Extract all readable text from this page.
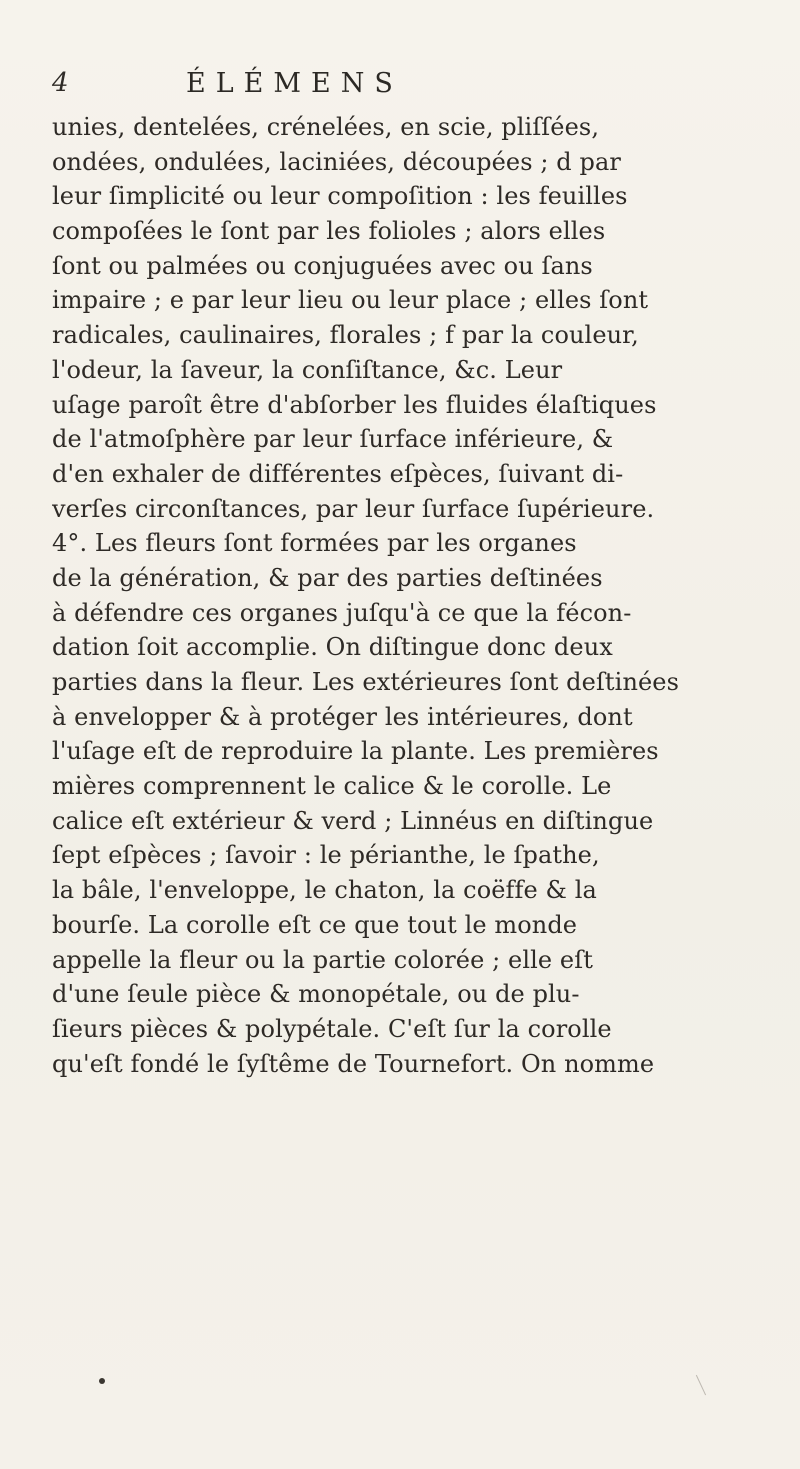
4	ÉLÉMENS
unies, dentelées, crénelées, en scie, pliſſées,
ondées, ondulées, laciniées, découpées ; d par
leur ſimplicité ou leur compoſition : les feuilles
compoſées le ſont par les folioles ; alors elles
ſont ou palmées ou conjuguées avec ou ſans
impaire ; e par leur lieu ou leur place ; elles ſont
radicales, caulinaires, florales ; f par la couleur,
l'odeur, la ſaveur, la conſiſtance, &c. Leur
uſage paroît être d'abſorber les fluides élaſtiques
de l'atmoſphère par leur ſurface inférieure, &
d'en exhaler de différentes eſpèces, ſuivant di-
verſes circonſtances, par leur ſurface ſupérieure.
4°. Les fleurs ſont formées par les organes
de la génération, & par des parties deſtinées
à défendre ces organes juſqu'à ce que la fécon-
dation ſoit accomplie. On diſtingue donc deux
parties dans la fleur. Les extérieures ſont deſtinées
à envelopper & à protéger les intérieures, dont
l'uſage eſt de reproduire la plante. Les premières
mières comprennent le calice & le corolle. Le
calice eſt extérieur & verd ; Linnéus en diſtingue
ſept eſpèces ; ſavoir : le périanthe, le ſpathe,
la bâle, l'enveloppe, le chaton, la coëffe & la
bourſe. La corolle eſt ce que tout le monde
appelle la fleur ou la partie colorée ; elle eſt
d'une ſeule pièce & monopétale, ou de plu-
ſieurs pièces & polypétale. C'eſt ſur la corolle
qu'eſt fondé le ſyſtême de Tournefort. On nomme
